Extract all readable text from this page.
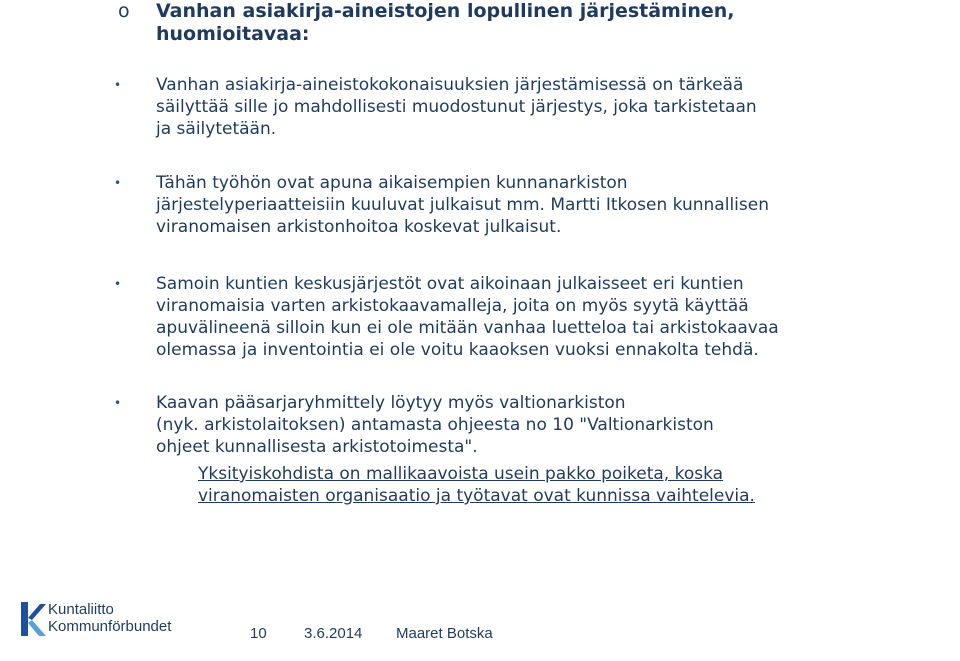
o Vanhan asiakirja-aineistojen lopullinen järjestäminen,
huomioitavaa:
• Vanhan asiakirja-aineistokokonaisuuksien järjestämisessä on tärkeää
säilyttää sille jo mahdollisesti muodostunut järjestys, joka tarkistetaan
ja säilytetään.
• Tähän työhön ovat apuna aikaisempien kunnanarkiston
järjestelyperiaatteisiin kuuluvat julkaisut mm. Martti Itkosen kunnallisen
viranomaisen arkistonhoitoa koskevat julkaisut.
• Samoin kuntien keskusjärjestöt ovat aikoinaan julkaisseet eri kuntien
viranomaisia varten arkistokaavamalleja, joita on myös syytä käyttää
apuvälineenä silloin kun ei ole mitään vanhaa luetteloa tai arkistokaavaa
olemassa ja inventointia ei ole voitu kaaoksen vuoksi ennakolta tehdä.
• Kaavan pääsarjaryhmittely löytyy myös valtionarkiston
(nyk. arkistolaitoksen) antamasta ohjeesta no 10 "Valtionarkiston
ohjeet kunnallisesta arkistotoimesta".
Yksityiskohdista on mallikaavoista usein pakko poiketa, koska
viranomaisten organisaatio ja työtavat ovat kunnissa vaihtelevia.
Kuntaliitto
Kommunförbundet	10 3.6.2014 Maaret Botska
